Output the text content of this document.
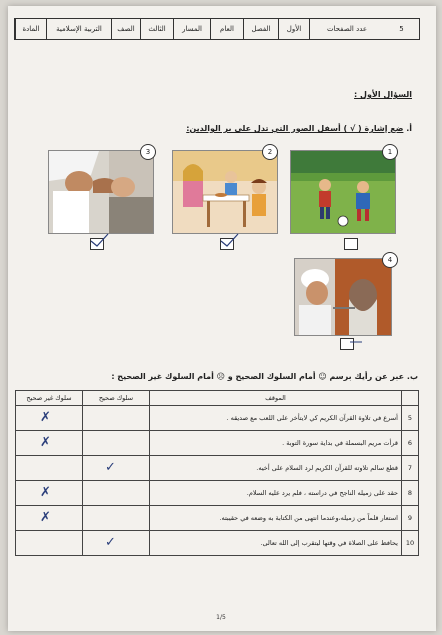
المادة	التربية الإسلامية	الصف	الثالث	المسار	العام	الفصل	الأول	عدد الصفحات	5
السؤال الأول :
أ. ضع إشارة ( √ ) أسفل الصور التي تدل على بر الوالدين:
1
2
3
4
ب. عبر عن رأيك برسم ☺ أمام السلوك الصحيح و ☹ أمام السلوك غير الصحيح :
	الموقف	سلوك صحيح	سلوك غير صحيح
5	أسرع في تلاوة القرآن الكريم كي لايتأخر على اللعب مع صديقه .		✗

6	قرأت مريم البسملة في بداية سورة التوبة .		✗

7	قطع سالم تلاوته للقرآن الكريم لرد السلام على أخيه.	✓	

8	حقد على زميله الناجح في دراسته ، فلم يرد عليه السلام.		✗

9	استعار قلماً من زميله،وعندما انتهى من الكتابة به وضعه في حقيبته.		✗

10	يحافظ على الصلاة في وقتها ليتقرب إلى الله تعالى.	✓	

1/5
